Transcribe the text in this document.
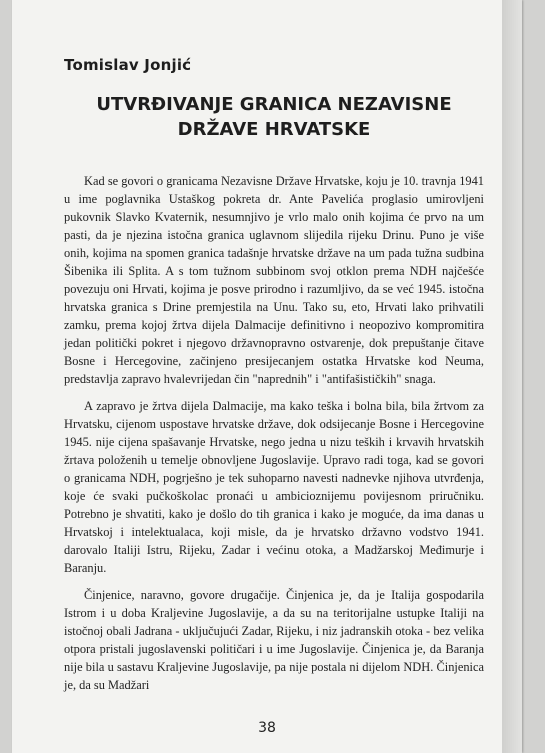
Tomislav Jonjić
UTVRĐIVANJE GRANICA NEZAVISNE
DRŽAVE HRVATSKE

Kad se govori o granicama Nezavisne Države Hrvatske, koju je 10. travnja 1941 u ime poglavnika Ustaškog pokreta dr. Ante Pavelića proglasio umirovljeni pukovnik Slavko Kvaternik, nesumnjivo je vrlo malo onih kojima će prvo na um pasti, da je njezina istočna granica uglavnom slijedila rijeku Drinu. Puno je više onih, kojima na spomen granica tadašnje hrvatske države na um pada tužna sudbina Šibenika ili Splita. A s tom tužnom subbinom svoj otklon prema NDH najčešće povezuju oni Hrvati, kojima je posve prirodno i razumljivo, da se već 1945. istočna hrvatska granica s Drine premjestila na Unu. Tako su, eto, Hrvati lako prihvatili zamku, prema kojoj žrtva dijela Dalmacije definitivno i neopozivo kompromitira jedan politički pokret i njegovo državnopravno ostvarenje, dok prepuštanje čitave Bosne i Hercegovine, začinjeno presijecanjem ostatka Hrvatske kod Neuma, predstavlja zapravo hvalevrijedan čin "naprednih" i "antifašističkih" snaga.

A zapravo je žrtva dijela Dalmacije, ma kako teška i bolna bila, bila žrtvom za Hrvatsku, cijenom uspostave hrvatske države, dok odsijecanje Bosne i Hercegovine 1945. nije cijena spašavanje Hrvatske, nego jedna u nizu teških i krvavih hrvatskih žrtava položenih u temelje obnovljene Jugoslavije. Upravo radi toga, kad se govori o granicama NDH, pogrješno je tek suhoparno navesti nadnevke njihova utvrđenja, koje će svaki pučkoškolac pronaći u ambicioznijemu povijesnom priručniku. Potrebno je shvatiti, kako je došlo do tih granica i kako je moguće, da ima danas u Hrvatskoj i intelektualaca, koji misle, da je hrvatsko državno vodstvo 1941. darovalo Italiji Istru, Rijeku, Zadar i većinu otoka, a Madžarskoj Međimurje i Baranju.

Činjenice, naravno, govore drugačije. Činjenica je, da je Italija gospodarila Istrom i u doba Kraljevine Jugoslavije, a da su na teritorijalne ustupke Italiji na istočnoj obali Jadrana - uključujući Zadar, Rijeku, i niz jadranskih otoka - bez velika otpora pristali jugoslavenski političari i u ime Jugoslavije. Činjenica je, da Baranja nije bila u sastavu Kraljevine Jugoslavije, pa nije postala ni dijelom NDH. Činjenica je, da su Madžari

38
